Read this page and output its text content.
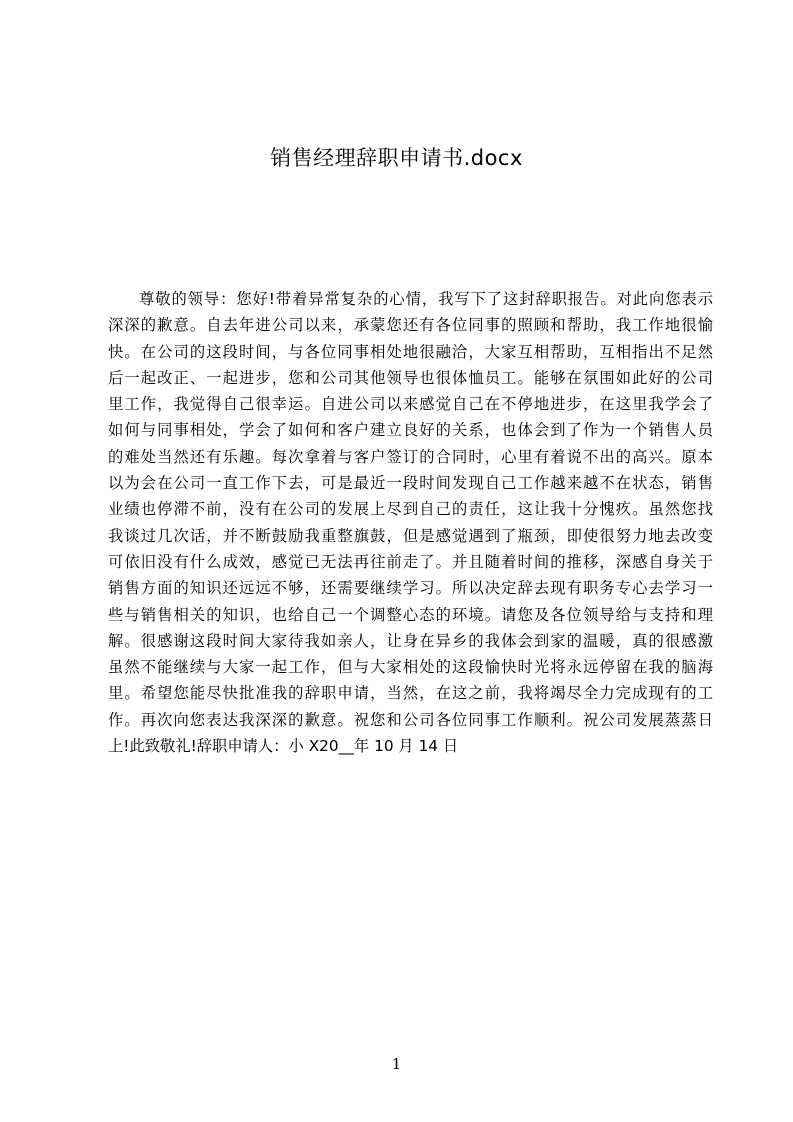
销售经理辞职申请书.docx
尊敬的领导：您好!带着异常复杂的心情，我写下了这封辞职报告。对此向您表示
深深的歉意。自去年进公司以来，承蒙您还有各位同事的照顾和帮助，我工作地很愉
快。在公司的这段时间，与各位同事相处地很融洽，大家互相帮助，互相指出不足然
后一起改正、一起进步，您和公司其他领导也很体恤员工。能够在氛围如此好的公司
里工作，我觉得自己很幸运。自进公司以来感觉自己在不停地进步，在这里我学会了
如何与同事相处，学会了如何和客户建立良好的关系，也体会到了作为一个销售人员
的难处当然还有乐趣。每次拿着与客户签订的合同时，心里有着说不出的高兴。原本
以为会在公司一直工作下去，可是最近一段时间发现自己工作越来越不在状态，销售
业绩也停滞不前，没有在公司的发展上尽到自己的责任，这让我十分愧疚。虽然您找
我谈过几次话，并不断鼓励我重整旗鼓，但是感觉遇到了瓶颈，即使很努力地去改变
可依旧没有什么成效，感觉已无法再往前走了。并且随着时间的推移，深感自身关于
销售方面的知识还远远不够，还需要继续学习。所以决定辞去现有职务专心去学习一
些与销售相关的知识，也给自己一个调整心态的环境。请您及各位领导给与支持和理
解。很感谢这段时间大家待我如亲人，让身在异乡的我体会到家的温暖，真的很感激
虽然不能继续与大家一起工作，但与大家相处的这段愉快时光将永远停留在我的脑海
里。希望您能尽快批准我的辞职申请，当然，在这之前，我将竭尽全力完成现有的工
作。再次向您表达我深深的歉意。祝您和公司各位同事工作顺利。祝公司发展蒸蒸日
上!此致敬礼!辞职申请人：小 X20__年 10 月 14 日
1
